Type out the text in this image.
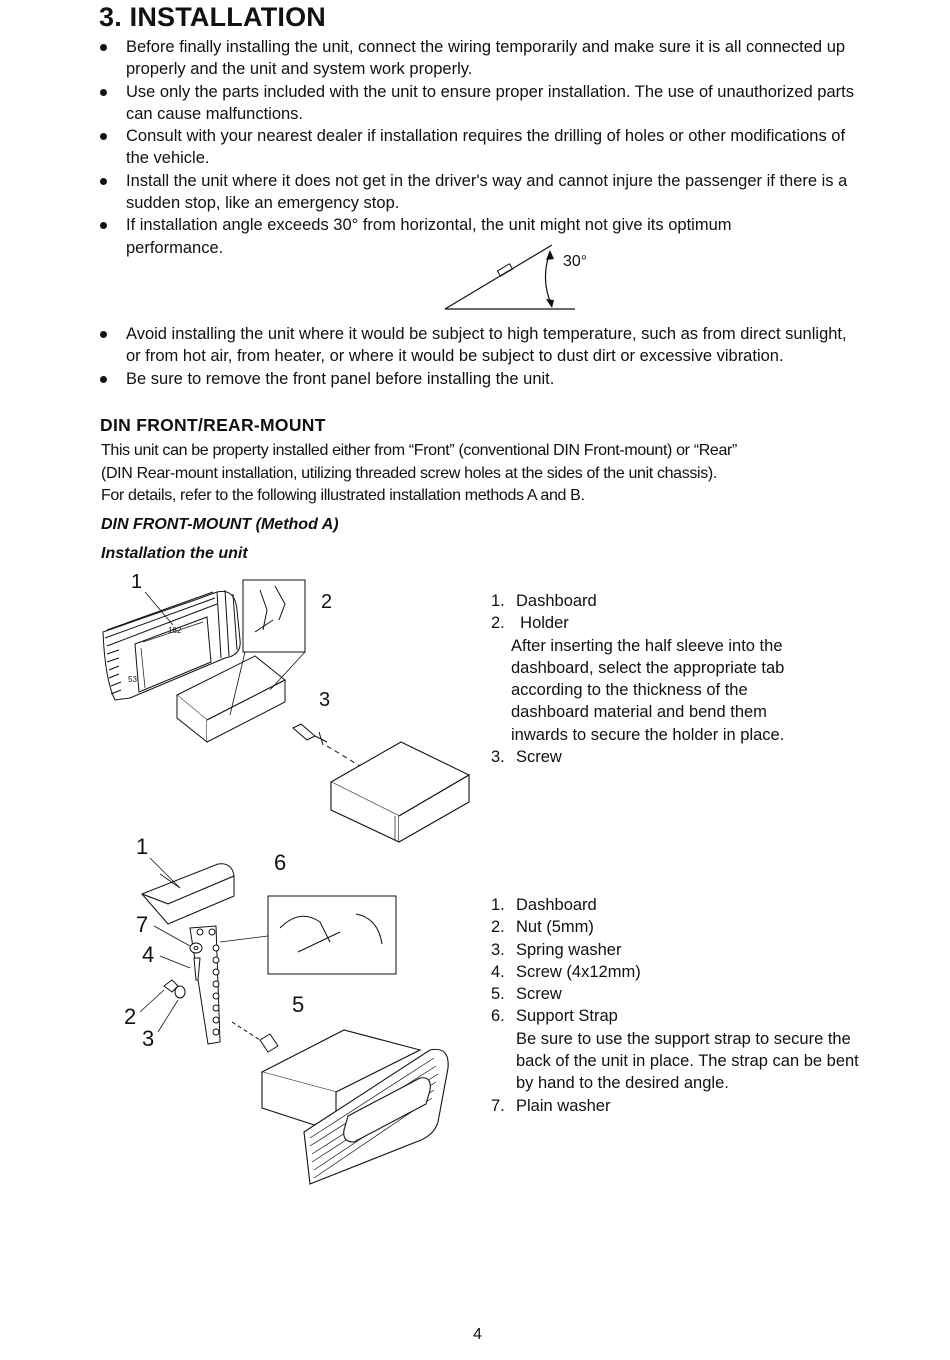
3. INSTALLATION
Before finally installing the unit, connect the wiring temporarily and make sure it is all connected up properly and the unit and system work properly.
Use only the parts included with the unit to ensure proper installation. The use of unauthorized parts can cause malfunctions.
Consult with your nearest dealer if installation requires the drilling of holes or other modifications of the vehicle.
Install the unit where it does not get in the driver's way and cannot injure the passenger if there is a sudden stop, like an emergency stop.
If installation angle exceeds 30° from horizontal, the unit might not give its optimum performance.
30°
Avoid installing the unit where it would be subject to high temperature, such as from direct sunlight, or from hot air, from heater, or where it would be subject to dust dirt or excessive vibration.
Be sure to remove the front panel before installing the unit.
DIN FRONT/REAR-MOUNT
This unit can be property installed either from “Front” (conventional DIN Front-mount) or “Rear”
(DIN Rear-mount installation, utilizing threaded screw holes at the sides of the unit chassis).
For details, refer to the following illustrated installation methods A and B.
DIN FRONT-MOUNT (Method A)
Installation the unit
182
53
1
2
3
1. Dashboard
2. Holder
After inserting the half sleeve into the dashboard, select the appropriate tab according to the thickness of the dashboard material and bend them inwards to secure the holder in place.
3. Screw
1
6
7
4
5
2
3
1. Dashboard
2. Nut (5mm)
3. Spring washer
4. Screw (4x12mm)
5. Screw
6. Support Strap
Be sure to use the support strap to secure the back of the unit in place. The strap can be bent by hand to the desired angle.
7. Plain washer
4
